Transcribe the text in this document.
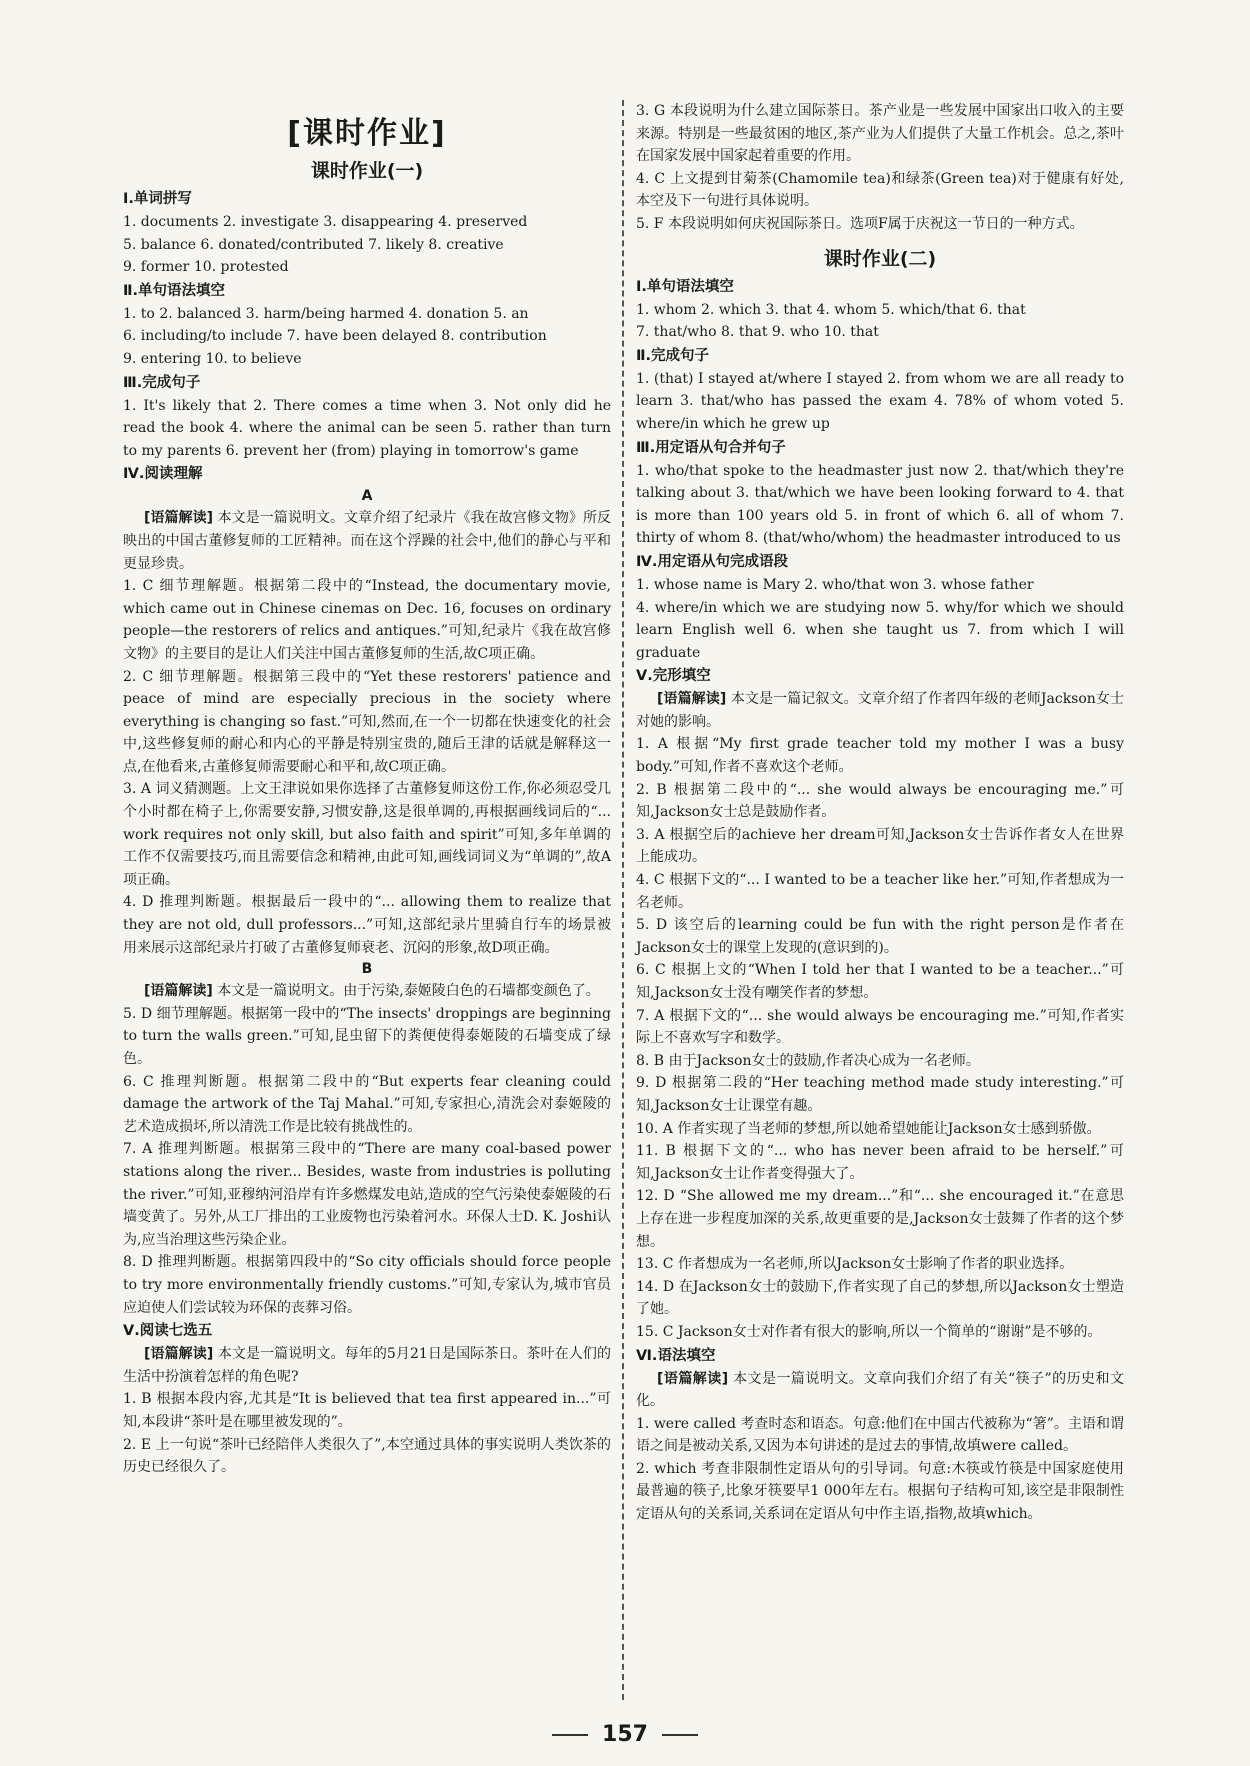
[课时作业]
课时作业(一)
Ⅰ.单词拼写

1. documents 2. investigate 3. disappearing 4. preserved

5. balance 6. donated/contributed 7. likely 8. creative

9. former 10. protested

Ⅱ.单句语法填空

1. to 2. balanced 3. harm/being harmed 4. donation 5. an

6. including/to include 7. have been delayed 8. contribution

9. entering 10. to believe

Ⅲ.完成句子

1. It's likely that 2. There comes a time when 3. Not only did he read the book 4. where the animal can be seen 5. rather than turn to my parents 6. prevent her (from) playing in tomorrow's game

Ⅳ.阅读理解
A

[语篇解读] 本文是一篇说明文。文章介绍了纪录片《我在故宫修文物》所反映出的中国古董修复师的工匠精神。而在这个浮躁的社会中,他们的静心与平和更显珍贵。

1. C 细节理解题。根据第二段中的“Instead, the documentary movie, which came out in Chinese cinemas on Dec. 16, focuses on ordinary people—the restorers of relics and antiques.”可知,纪录片《我在故宫修文物》的主要目的是让人们关注中国古董修复师的生活,故C项正确。

2. C 细节理解题。根据第三段中的“Yet these restorers' patience and peace of mind are especially precious in the society where everything is changing so fast.”可知,然而,在一个一切都在快速变化的社会中,这些修复师的耐心和内心的平静是特别宝贵的,随后王津的话就是解释这一点,在他看来,古董修复师需要耐心和平和,故C项正确。

3. A 词义猜测题。上文王津说如果你选择了古董修复师这份工作,你必须忍受几个小时都在椅子上,你需要安静,习惯安静,这是很单调的,再根据画线词后的“... work requires not only skill, but also faith and spirit”可知,多年单调的工作不仅需要技巧,而且需要信念和精神,由此可知,画线词词义为“单调的”,故A项正确。

4. D 推理判断题。根据最后一段中的“... allowing them to realize that they are not old, dull professors...”可知,这部纪录片里骑自行车的场景被用来展示这部纪录片打破了古董修复师衰老、沉闷的形象,故D项正确。

B

[语篇解读] 本文是一篇说明文。由于污染,泰姬陵白色的石墙都变颜色了。

5. D 细节理解题。根据第一段中的“The insects' droppings are beginning to turn the walls green.”可知,昆虫留下的粪便使得泰姬陵的石墙变成了绿色。

6. C 推理判断题。根据第二段中的“But experts fear cleaning could damage the artwork of the Taj Mahal.”可知,专家担心,清洗会对泰姬陵的艺术造成损坏,所以清洗工作是比较有挑战性的。

7. A 推理判断题。根据第三段中的“There are many coal-based power stations along the river... Besides, waste from industries is polluting the river.”可知,亚穆纳河沿岸有许多燃煤发电站,造成的空气污染使泰姬陵的石墙变黄了。另外,从工厂排出的工业废物也污染着河水。环保人士D. K. Joshi认为,应当治理这些污染企业。

8. D 推理判断题。根据第四段中的“So city officials should force people to try more environmentally friendly customs.”可知,专家认为,城市官员应迫使人们尝试较为环保的丧葬习俗。

Ⅴ.阅读七选五

[语篇解读] 本文是一篇说明文。每年的5月21日是国际茶日。茶叶在人们的生活中扮演着怎样的角色呢?

1. B 根据本段内容,尤其是“It is believed that tea first appeared in...”可知,本段讲“茶叶是在哪里被发现的”。

2. E 上一句说“茶叶已经陪伴人类很久了”,本空通过具体的事实说明人类饮茶的历史已经很久了。

3. G 本段说明为什么建立国际茶日。茶产业是一些发展中国家出口收入的主要来源。特别是一些最贫困的地区,茶产业为人们提供了大量工作机会。总之,茶叶在国家发展中国家起着重要的作用。

4. C 上文提到甘菊茶(Chamomile tea)和绿茶(Green tea)对于健康有好处,本空及下一句进行具体说明。

5. F 本段说明如何庆祝国际茶日。选项F属于庆祝这一节日的一种方式。

课时作业(二)
Ⅰ.单句语法填空

1. whom 2. which 3. that 4. whom 5. which/that 6. that

7. that/who 8. that 9. who 10. that

Ⅱ.完成句子

1. (that) I stayed at/where I stayed 2. from whom we are all ready to learn 3. that/who has passed the exam 4. 78% of whom voted 5. where/in which he grew up

Ⅲ.用定语从句合并句子

1. who/that spoke to the headmaster just now 2. that/which they're talking about 3. that/which we have been looking forward to 4. that is more than 100 years old 5. in front of which 6. all of whom 7. thirty of whom 8. (that/who/whom) the headmaster introduced to us

Ⅳ.用定语从句完成语段

1. whose name is Mary 2. who/that won 3. whose father

4. where/in which we are studying now 5. why/for which we should learn English well 6. when she taught us 7. from which I will graduate

Ⅴ.完形填空

[语篇解读] 本文是一篇记叙文。文章介绍了作者四年级的老师Jackson女士对她的影响。

1. A 根据“My first grade teacher told my mother I was a busy body.”可知,作者不喜欢这个老师。

2. B 根据第二段中的“... she would always be encouraging me.”可知,Jackson女士总是鼓励作者。

3. A 根据空后的achieve her dream可知,Jackson女士告诉作者女人在世界上能成功。

4. C 根据下文的“... I wanted to be a teacher like her.”可知,作者想成为一名老师。

5. D 该空后的learning could be fun with the right person是作者在Jackson女士的课堂上发现的(意识到的)。

6. C 根据上文的“When I told her that I wanted to be a teacher...”可知,Jackson女士没有嘲笑作者的梦想。

7. A 根据下文的“... she would always be encouraging me.”可知,作者实际上不喜欢写字和数学。

8. B 由于Jackson女士的鼓励,作者决心成为一名老师。

9. D 根据第二段的“Her teaching method made study interesting.”可知,Jackson女士让课堂有趣。

10. A 作者实现了当老师的梦想,所以她希望她能让Jackson女士感到骄傲。

11. B 根据下文的“... who has never been afraid to be herself.”可知,Jackson女士让作者变得强大了。

12. D “She allowed me my dream...”和“... she encouraged it.”在意思上存在进一步程度加深的关系,故更重要的是,Jackson女士鼓舞了作者的这个梦想。

13. C 作者想成为一名老师,所以Jackson女士影响了作者的职业选择。

14. D 在Jackson女士的鼓励下,作者实现了自己的梦想,所以Jackson女士塑造了她。

15. C Jackson女士对作者有很大的影响,所以一个简单的“谢谢”是不够的。

Ⅵ.语法填空

[语篇解读] 本文是一篇说明文。文章向我们介绍了有关“筷子”的历史和文化。

1. were called 考查时态和语态。句意:他们在中国古代被称为“箸”。主语和谓语之间是被动关系,又因为本句讲述的是过去的事情,故填were called。

2. which 考查非限制性定语从句的引导词。句意:木筷或竹筷是中国家庭使用最普遍的筷子,比象牙筷要早1 000年左右。根据句子结构可知,该空是非限制性定语从句的关系词,关系词在定语从句中作主语,指物,故填which。

157
